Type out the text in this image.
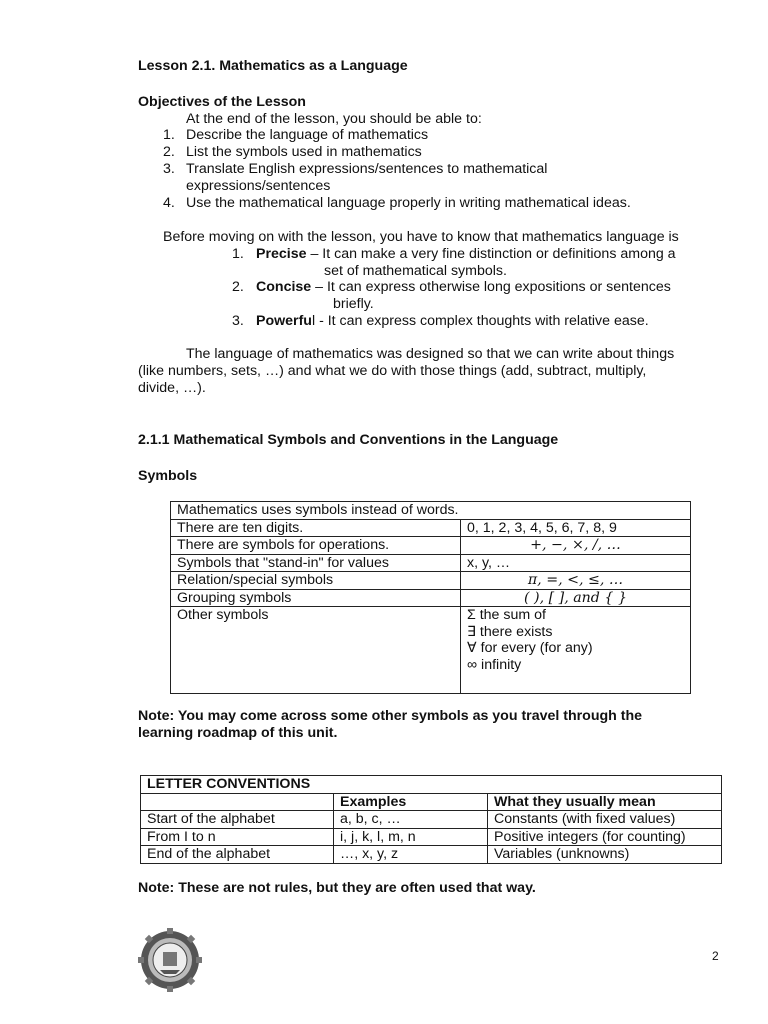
Lesson 2.1. Mathematics as a Language
Objectives of the Lesson
At the end of the lesson, you should be able to:
1. Describe the language of mathematics
2. List the symbols used in mathematics
3. Translate English expressions/sentences to mathematical
expressions/sentences
4. Use the mathematical language properly in writing mathematical ideas.
Before moving on with the lesson, you have to know that mathematics language is
1. Precise – It can make a very fine distinction or definitions among a
set of mathematical symbols.
2. Concise – It can express otherwise long expositions or sentences
briefly.
3. Powerful - It can express complex thoughts with relative ease.
The language of mathematics was designed so that we can write about things
(like numbers, sets, …) and what we do with those things (add, subtract, multiply,
divide, …).
2.1.1 Mathematical Symbols and Conventions in the Language
Symbols
Mathematics uses symbols instead of words.	
There are ten digits.	0, 1, 2, 3, 4, 5, 6, 7, 8, 9
There are symbols for operations.	+, −, ×, /, …
Symbols that "stand-in" for values	x, y, …
Relation/special symbols	π, =, <, ≤, …
Grouping symbols	( ), [ ], and { }
Other symbols	Σ the sum of
∃ there exists
∀ for every (for any)
∞ infinity
Note: You may come across some other symbols as you travel through the
learning roadmap of this unit.
LETTER CONVENTIONS		
	Examples	What they usually mean
Start of the alphabet	a, b, c, …	Constants (with fixed values)
From I to n	i, j, k, l, m, n	Positive integers (for counting)
End of the alphabet	…, x, y, z	Variables (unknowns)
Note: These are not rules, but they are often used that way.
2
